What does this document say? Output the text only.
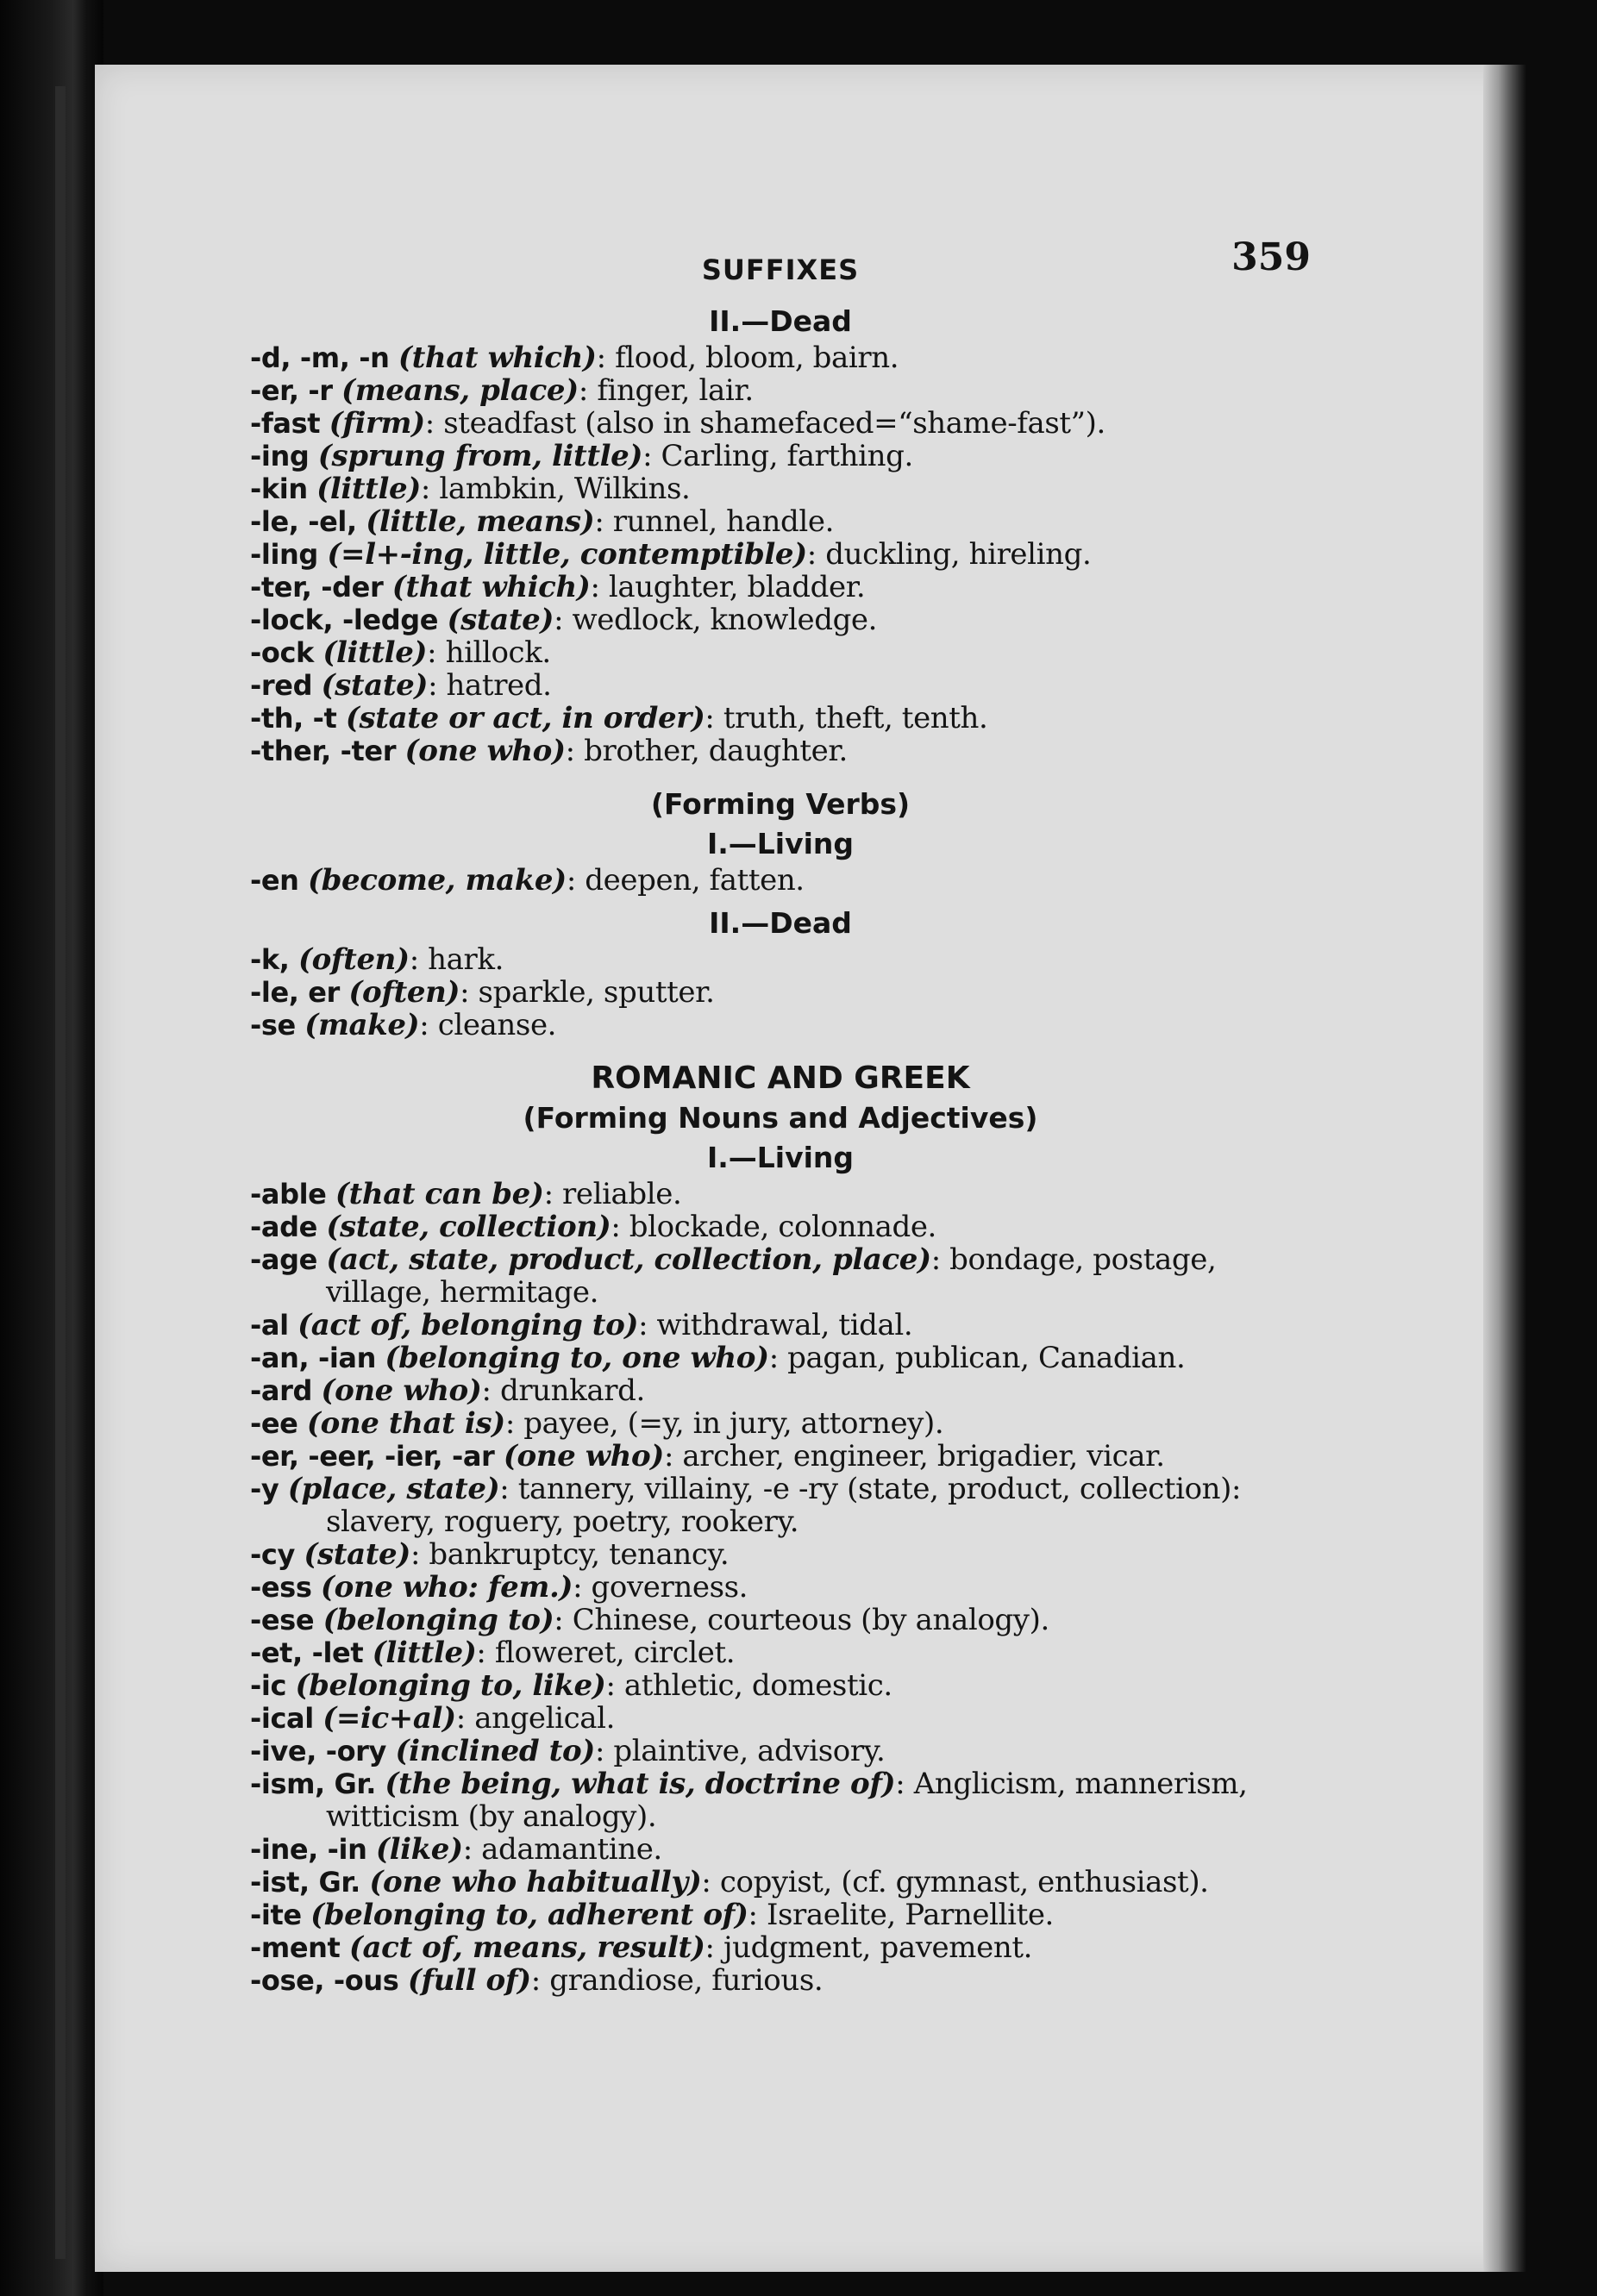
SUFFIXES	359
II.—Dead
-d, -m, -n (that which): flood, bloom, bairn.
-er, -r (means, place): finger, lair.
-fast (firm): steadfast (also in shamefaced=“shame-fast”).
-ing (sprung from, little): Carling, farthing.
-kin (little): lambkin, Wilkins.
-le, -el, (little, means): runnel, handle.
-ling (=l+-ing, little, contemptible): duckling, hireling.
-ter, -der (that which): laughter, bladder.
-lock, -ledge (state): wedlock, knowledge.
-ock (little): hillock.
-red (state): hatred.
-th, -t (state or act, in order): truth, theft, tenth.
-ther, -ter (one who): brother, daughter.
(Forming Verbs)
I.—Living
-en (become, make): deepen, fatten.
II.—Dead
-k, (often): hark.
-le, er (often): sparkle, sputter.
-se (make): cleanse.
ROMANIC AND GREEK
(Forming Nouns and Adjectives)
I.—Living
-able (that can be): reliable.
-ade (state, collection): blockade, colonnade.
-age (act, state, product, collection, place): bondage, postage, village, hermitage.
-al (act of, belonging to): withdrawal, tidal.
-an, -ian (belonging to, one who): pagan, publican, Canadian.
-ard (one who): drunkard.
-ee (one that is): payee, (=y, in jury, attorney).
-er, -eer, -ier, -ar (one who): archer, engineer, brigadier, vicar.
-y (place, state): tannery, villainy, -e -ry (state, product, collection): slavery, roguery, poetry, rookery.
-cy (state): bankruptcy, tenancy.
-ess (one who: fem.): governess.
-ese (belonging to): Chinese, courteous (by analogy).
-et, -let (little): floweret, circlet.
-ic (belonging to, like): athletic, domestic.
-ical (=ic+al): angelical.
-ive, -ory (inclined to): plaintive, advisory.
-ism, Gr. (the being, what is, doctrine of): Anglicism, mannerism, witticism (by analogy).
-ine, -in (like): adamantine.
-ist, Gr. (one who habitually): copyist, (cf. gymnast, enthusiast).
-ite (belonging to, adherent of): Israelite, Parnellite.
-ment (act of, means, result): judgment, pavement.
-ose, -ous (full of): grandiose, furious.
